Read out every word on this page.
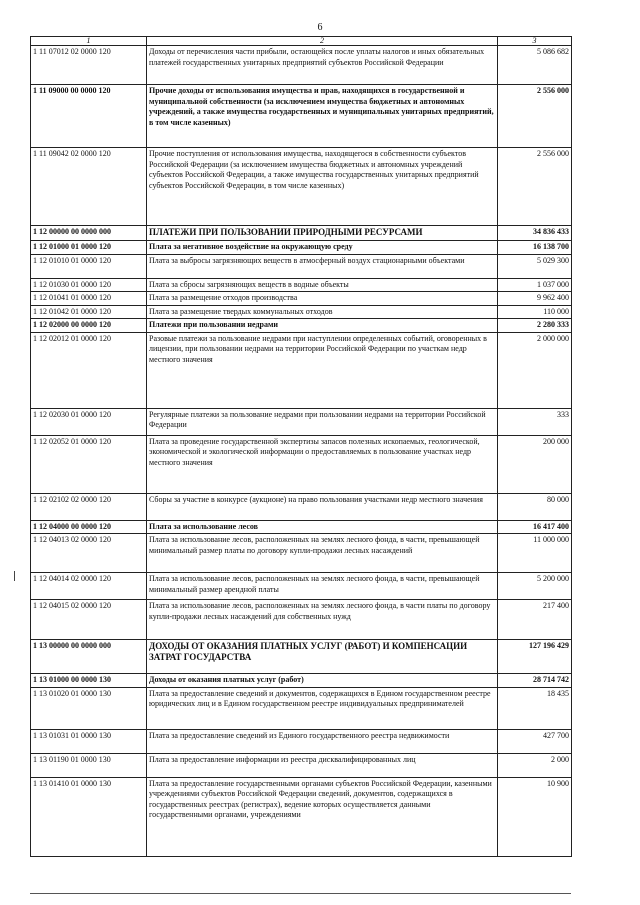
6
1	2	3
1 11 07012 02 0000 120	Доходы от перечисления части прибыли, остающейся после уплаты налогов и иных обязательных платежей государственных унитарных предприятий субъектов Российской Федерации	5 086 682
1 11 09000 00 0000 120	Прочие доходы от использования имущества и прав, находящихся в государственной и муниципальной собственности (за исключением имущества бюджетных и автономных учреждений, а также имущества государственных и муниципальных унитарных предприятий, в том числе казенных)	2 556 000
1 11 09042 02 0000 120	Прочие поступления от использования имущества, находящегося в собственности субъектов Российской Федерации (за исключением имущества бюджетных и автономных учреждений субъектов Российской Федерации, а также имущества государственных унитарных предприятий субъектов Российской Федерации, в том числе казенных)	2 556 000
1 12 00000 00 0000 000	ПЛАТЕЖИ ПРИ ПОЛЬЗОВАНИИ ПРИРОДНЫМИ РЕСУРСАМИ	34 836 433
1 12 01000 01 0000 120	Плата за негативное воздействие на окружающую среду	16 138 700
1 12 01010 01 0000 120	Плата за выбросы загрязняющих веществ в атмосферный воздух стационарными объектами	5 029 300
1 12 01030 01 0000 120	Плата за сбросы загрязняющих веществ в водные объекты	1 037 000
1 12 01041 01 0000 120	Плата за размещение отходов производства	9 962 400
1 12 01042 01 0000 120	Плата за размещение твердых коммунальных отходов	110 000
1 12 02000 00 0000 120	Платежи при пользовании недрами	2 280 333
1 12 02012 01 0000 120	Разовые платежи за пользование недрами при наступлении определенных событий, оговоренных в лицензии, при пользовании недрами на территории Российской Федерации по участкам недр местного значения	2 000 000
1 12 02030 01 0000 120	Регулярные платежи за пользование недрами при пользовании недрами на территории Российской Федерации	333
1 12 02052 01 0000 120	Плата за проведение государственной экспертизы запасов полезных ископаемых, геологической, экономической и экологической информации о предоставляемых в пользование участках недр местного значения	200 000
1 12 02102 02 0000 120	Сборы за участие в конкурсе (аукционе) на право пользования участками недр местного значения	80 000
1 12 04000 00 0000 120	Плата за использование лесов	16 417 400
1 12 04013 02 0000 120	Плата за использование лесов, расположенных на землях лесного фонда, в части, превышающей минимальный размер платы по договору купли-продажи лесных насаждений	11 000 000
1 12 04014 02 0000 120	Плата за использование лесов, расположенных на землях лесного фонда, в части, превышающей минимальный размер арендной платы	5 200 000
1 12 04015 02 0000 120	Плата за использование лесов, расположенных на землях лесного фонда, в части платы по договору купли-продажи лесных насаждений для собственных нужд	217 400
1 13 00000 00 0000 000	ДОХОДЫ ОТ ОКАЗАНИЯ ПЛАТНЫХ УСЛУГ (РАБОТ) И КОМПЕНСАЦИИ ЗАТРАТ ГОСУДАРСТВА	127 196 429
1 13 01000 00 0000 130	Доходы от оказания платных услуг (работ)	28 714 742
1 13 01020 01 0000 130	Плата за предоставление сведений и документов, содержащихся в Едином государственном реестре юридических лиц и в Едином государственном реестре индивидуальных предпринимателей	18 435
1 13 01031 01 0000 130	Плата за предоставление сведений из Единого государственного реестра недвижимости	427 700
1 13 01190 01 0000 130	Плата за предоставление информации из реестра дисквалифицированных лиц	2 000
1 13 01410 01 0000 130	Плата за предоставление государственными органами субъектов Российской Федерации, казенными учреждениями субъектов Российской Федерации сведений, документов, содержащихся в государственных реестрах (регистрах), ведение которых осуществляется данными государственными органами, учреждениями	10 900
